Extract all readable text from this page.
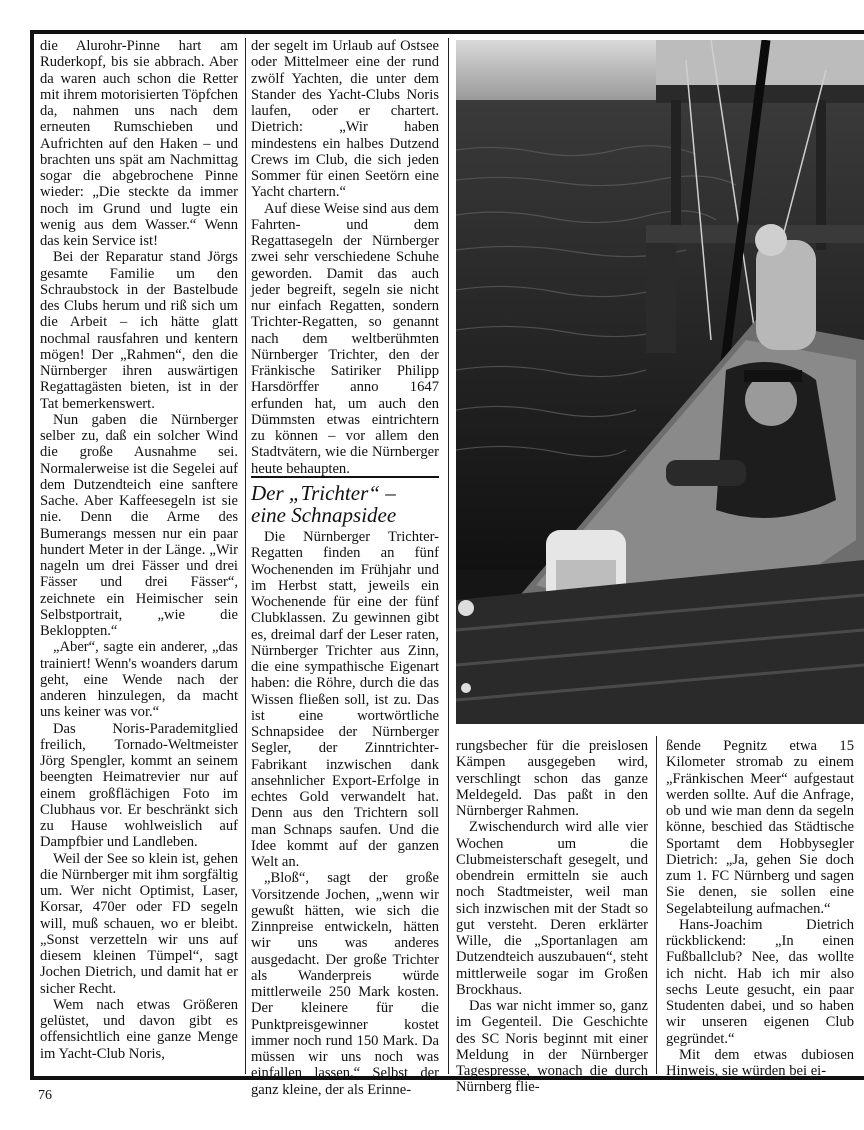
die Alurohr-Pinne hart am Ruderkopf, bis sie abbrach. Aber da waren auch schon die Retter mit ihrem motorisierten Töpfchen da, nahmen uns nach dem erneuten Rumschieben und Aufrichten auf den Haken – und brachten uns spät am Nachmittag sogar die abgebrochene Pinne wieder: „Die steckte da immer noch im Grund und lugte ein wenig aus dem Wasser.“ Wenn das kein Service ist!

Bei der Reparatur stand Jörgs gesamte Familie um den Schraubstock in der Bastelbude des Clubs herum und riß sich um die Arbeit – ich hätte glatt nochmal rausfahren und kentern mögen! Der „Rahmen“, den die Nürnberger ihren auswärtigen Regattagästen bieten, ist in der Tat bemerkenswert.

Nun gaben die Nürnberger selber zu, daß ein solcher Wind die große Ausnahme sei. Normalerweise ist die Segelei auf dem Dutzendteich eine sanftere Sache. Aber Kaffeesegeln ist sie nie. Denn die Arme des Bumerangs messen nur ein paar hundert Meter in der Länge. „Wir nageln um drei Fässer und drei Fässer und drei Fässer“, zeichnete ein Heimischer sein Selbstportrait, „wie die Bekloppten.“

„Aber“, sagte ein anderer, „das trainiert! Wenn's woanders darum geht, eine Wende nach der anderen hinzulegen, da macht uns keiner was vor.“

Das Noris-Parademitglied freilich, Tornado-Weltmeister Jörg Spengler, kommt an seinem beengten Heimatrevier nur auf einem großflächigen Foto im Clubhaus vor. Er beschränkt sich zu Hause wohlweislich auf Dampfbier und Landleben.

Weil der See so klein ist, gehen die Nürnberger mit ihm sorgfältig um. Wer nicht Optimist, Laser, Korsar, 470er oder FD segeln will, muß schauen, wo er bleibt. „Sonst verzetteln wir uns auf diesem kleinen Tümpel“, sagt Jochen Dietrich, und damit hat er sicher Recht.

Wem nach etwas Größeren gelüstet, und davon gibt es offensichtlich eine ganze Menge im Yacht-Club Noris,

der segelt im Urlaub auf Ostsee oder Mittelmeer eine der rund zwölf Yachten, die unter dem Stander des Yacht-Clubs Noris laufen, oder er chartert. Dietrich: „Wir haben mindestens ein halbes Dutzend Crews im Club, die sich jeden Sommer für einen Seetörn eine Yacht chartern.“

Auf diese Weise sind aus dem Fahrten- und dem Regattasegeln der Nürnberger zwei sehr verschiedene Schuhe geworden. Damit das auch jeder begreift, segeln sie nicht nur einfach Regatten, sondern Trichter-Regatten, so genannt nach dem weltberühmten Nürnberger Trichter, den der Fränkische Satiriker Philipp Harsdörffer anno 1647 erfunden hat, um auch den Dümmsten etwas eintrichtern zu können – vor allem den Stadtvätern, wie die Nürnberger heute behaupten.

Der „Trichter“ –
eine Schnapsidee

Die Nürnberger Trichter-Regatten finden an fünf Wochenenden im Frühjahr und im Herbst statt, jeweils ein Wochenende für eine der fünf Clubklassen. Zu gewinnen gibt es, dreimal darf der Leser raten, Nürnberger Trichter aus Zinn, die eine sympathische Eigenart haben: die Röhre, durch die das Wissen fließen soll, ist zu. Das ist eine wortwörtliche Schnapsidee der Nürnberger Segler, der Zinntrichter-Fabrikant inzwischen dank ansehnlicher Export-Erfolge in echtes Gold verwandelt hat. Denn aus den Trichtern soll man Schnaps saufen. Und die Idee kommt auf der ganzen Welt an.

„Bloß“, sagt der große Vorsitzende Jochen, „wenn wir gewußt hätten, wie sich die Zinnpreise entwickeln, hätten wir uns was anderes ausgedacht. Der große Trichter als Wanderpreis würde mittlerweile 250 Mark kosten. Der kleinere für die Punktpreisgewinner kostet immer noch rund 150 Mark. Da müssen wir uns noch was einfallen lassen.“ Selbst der ganz kleine, der als Erinne-

rungsbecher für die preislosen Kämpen ausgegeben wird, verschlingt schon das ganze Meldegeld. Das paßt in den Nürnberger Rahmen.

Zwischendurch wird alle vier Wochen um die Clubmeisterschaft gesegelt, und obendrein ermitteln sie auch noch Stadtmeister, weil man sich inzwischen mit der Stadt so gut versteht. Deren erklärter Wille, die „Sportanlagen am Dutzendteich auszubauen“, steht mittlerweile sogar im Großen Brockhaus.

Das war nicht immer so, ganz im Gegenteil. Die Geschichte des SC Noris beginnt mit einer Meldung in der Nürnberger Tagespresse, wonach die durch Nürnberg flie-

ßende Pegnitz etwa 15 Kilometer stromab zu einem „Fränkischen Meer“ aufgestaut werden sollte. Auf die Anfrage, ob und wie man denn da segeln könne, beschied das Städtische Sportamt dem Hobbysegler Dietrich: „Ja, gehen Sie doch zum 1. FC Nürnberg und sagen Sie denen, sie sollen eine Segelabteilung aufmachen.“

Hans-Joachim Dietrich rückblickend: „In einen Fußballclub? Nee, das wollte ich nicht. Hab ich mir also sechs Leute gesucht, ein paar Studenten dabei, und so haben wir unseren eigenen Club gegründet.“

Mit dem etwas dubiosen Hinweis, sie würden bei ei-

76
